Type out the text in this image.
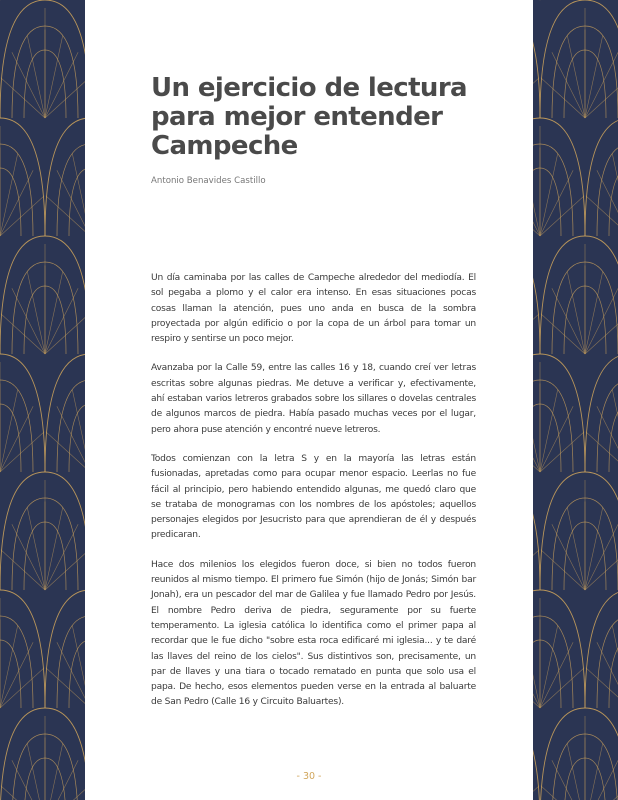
Un ejercicio de lectura
para mejor entender
Campeche
Antonio Benavides Castillo

Un día caminaba por las calles de Campeche alrededor del mediodía. El sol pegaba a plomo y el calor era intenso. En esas situaciones pocas cosas llaman la atención, pues uno anda en busca de la sombra proyectada por algún edificio o por la copa de un árbol para tomar un respiro y sentirse un poco mejor.

Avanzaba por la Calle 59, entre las calles 16 y 18, cuando creí ver letras escritas sobre algunas piedras. Me detuve a verificar y, efectivamente, ahí estaban varios letreros grabados sobre los sillares o dovelas centrales de algunos marcos de piedra. Había pasado muchas veces por el lugar, pero ahora puse atención y encontré nueve letreros.

Todos comienzan con la letra S y en la mayoría las letras están fusionadas, apretadas como para ocupar menor espacio. Leerlas no fue fácil al principio, pero habiendo entendido algunas, me quedó claro que se trataba de monogramas con los nombres de los apóstoles; aquellos personajes elegidos por Jesucristo para que aprendieran de él y después predicaran.

Hace dos milenios los elegidos fueron doce, si bien no todos fueron reunidos al mismo tiempo. El primero fue Simón (hijo de Jonás; Simón bar Jonah), era un pescador del mar de Galilea y fue llamado Pedro por Jesús. El nombre Pedro deriva de piedra, seguramente por su fuerte temperamento. La iglesia católica lo identifica como el primer papa al recordar que le fue dicho "sobre esta roca edificaré mi iglesia... y te daré las llaves del reino de los cielos". Sus distintivos son, precisamente, un par de llaves y una tiara o tocado rematado en punta que solo usa el papa. De hecho, esos elementos pueden verse en la entrada al baluarte de San Pedro (Calle 16 y Circuito Baluartes).

- 30 -
